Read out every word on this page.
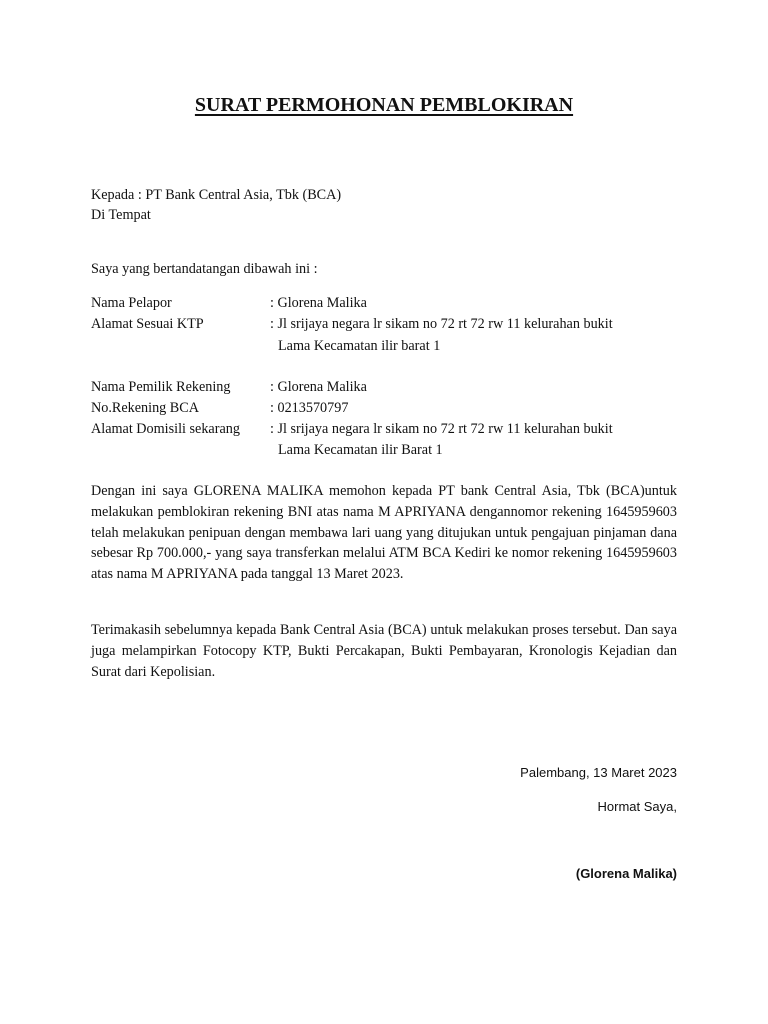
SURAT PERMOHONAN PEMBLOKIRAN
Kepada : PT Bank Central Asia, Tbk (BCA)
Di Tempat
Saya yang bertandatangan dibawah ini :
Nama Pelapor	: Glorena Malika
Alamat Sesuai KTP	: Jl srijaya negara lr sikam no 72 rt 72 rw 11 kelurahan bukit
Lama Kecamatan ilir barat 1
Nama Pemilik Rekening	: Glorena Malika
No.Rekening BCA	: 0213570797
Alamat Domisili sekarang : Jl srijaya negara lr sikam no 72 rt 72 rw 11 kelurahan bukit
Lama Kecamatan ilir Barat 1

Dengan ini saya GLORENA MALIKA memohon kepada PT bank Central Asia, Tbk (BCA)untuk melakukan pemblokiran rekening BNI atas nama M APRIYANA dengannomor rekening 1645959603 telah melakukan penipuan dengan membawa lari uang yang ditujukan untuk pengajuan pinjaman dana sebesar Rp 700.000,- yang saya transferkan melalui ATM BCA Kediri ke nomor rekening 1645959603 atas nama M APRIYANA pada tanggal 13 Maret 2023.

Terimakasih sebelumnya kepada Bank Central Asia (BCA) untuk melakukan proses tersebut. Dan saya juga melampirkan Fotocopy KTP, Bukti Percakapan, Bukti Pembayaran, Kronologis Kejadian dan Surat dari Kepolisian.

Palembang, 13 Maret 2023
Hormat Saya,
(Glorena Malika)
